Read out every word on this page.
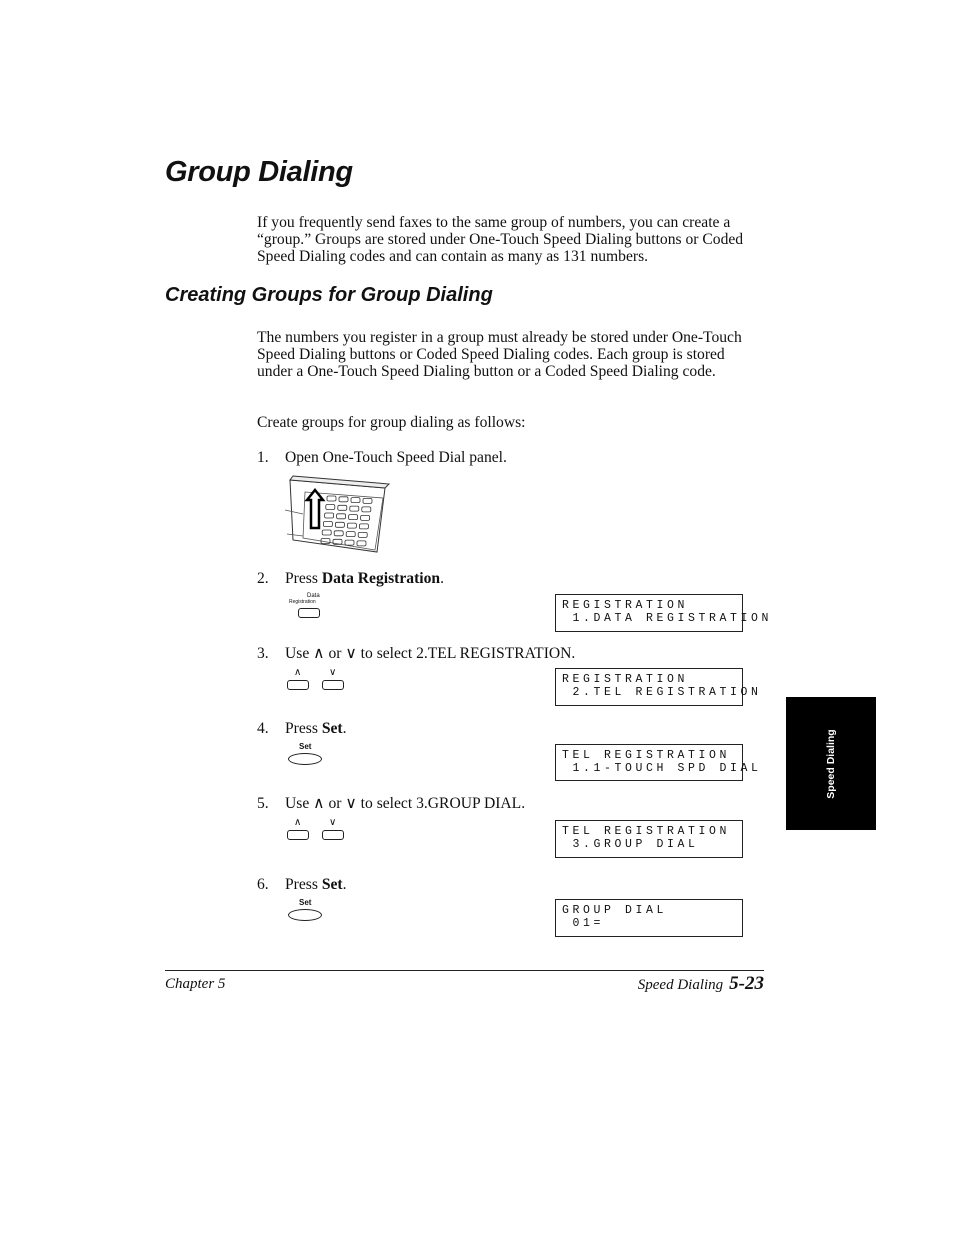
Group Dialing
If you frequently send faxes to the same group of numbers, you can create a “group.” Groups are stored under One-Touch Speed Dialing buttons or Coded Speed Dialing codes and can contain as many as 131 numbers.
Creating Groups for Group Dialing
The numbers you register in a group must already be stored under One-Touch Speed Dialing buttons or Coded Speed Dialing codes. Each group is stored under a One-Touch Speed Dialing button or a Coded Speed Dialing code.
Create groups for group dialing as follows:
1. Open One-Touch Speed Dial panel.
2. Press Data Registration.
Data
Registration	REGISTRATION
1.DATA REGISTRATION
3. Use ∧ or ∨ to select 2.TEL REGISTRATION.
∧	∨
REGISTRATION
2.TEL REGISTRATION
4. Press Set.
Set
TEL REGISTRATION
1.1-TOUCH SPD DIAL
5. Use ∧ or ∨ to select 3.GROUP DIAL.
∧	∨
TEL REGISTRATION
3.GROUP DIAL
6. Press Set.
Set
GROUP DIAL
01=
Speed Dialing
Chapter 5	Speed Dialing 5-23
